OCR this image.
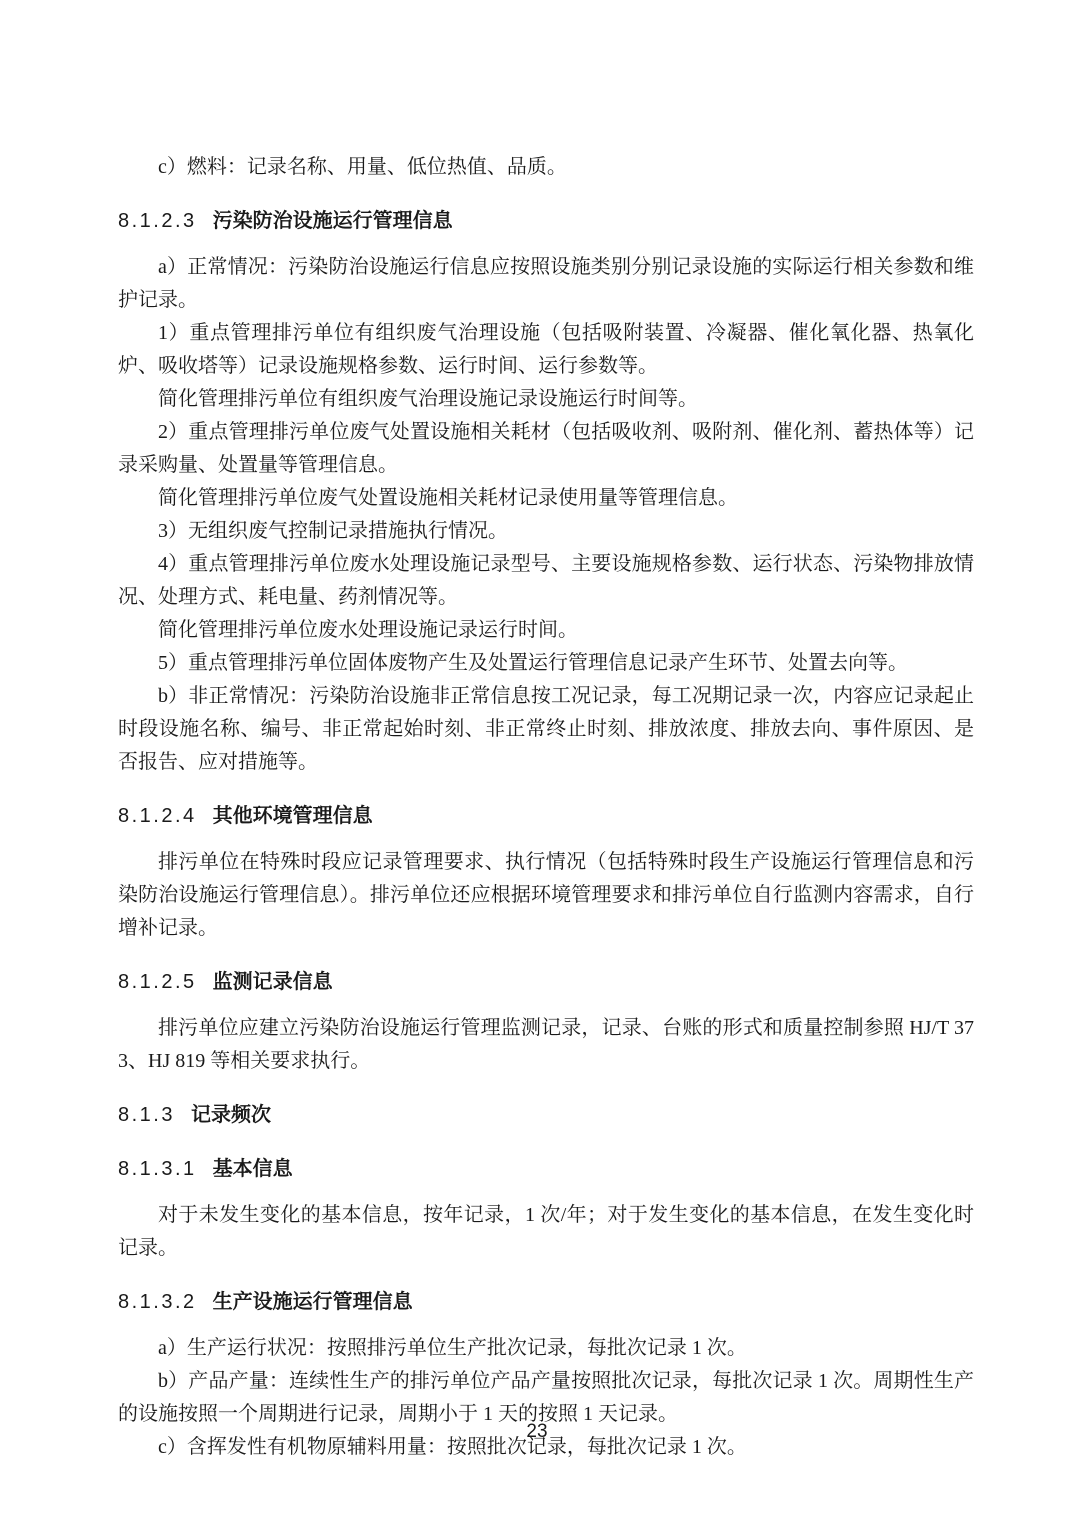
c）燃料：记录名称、用量、低位热值、品质。

8.1.2.3 污染防治设施运行管理信息

a）正常情况：污染防治设施运行信息应按照设施类别分别记录设施的实际运行相关参数和维护记录。

1）重点管理排污单位有组织废气治理设施（包括吸附装置、冷凝器、催化氧化器、热氧化炉、吸收塔等）记录设施规格参数、运行时间、运行参数等。

简化管理排污单位有组织废气治理设施记录设施运行时间等。

2）重点管理排污单位废气处置设施相关耗材（包括吸收剂、吸附剂、催化剂、蓄热体等）记录采购量、处置量等管理信息。

简化管理排污单位废气处置设施相关耗材记录使用量等管理信息。

3）无组织废气控制记录措施执行情况。

4）重点管理排污单位废水处理设施记录型号、主要设施规格参数、运行状态、污染物排放情况、处理方式、耗电量、药剂情况等。

简化管理排污单位废水处理设施记录运行时间。

5）重点管理排污单位固体废物产生及处置运行管理信息记录产生环节、处置去向等。

b）非正常情况：污染防治设施非正常信息按工况记录，每工况期记录一次，内容应记录起止时段设施名称、编号、非正常起始时刻、非正常终止时刻、排放浓度、排放去向、事件原因、是否报告、应对措施等。

8.1.2.4 其他环境管理信息

排污单位在特殊时段应记录管理要求、执行情况（包括特殊时段生产设施运行管理信息和污染防治设施运行管理信息）。排污单位还应根据环境管理要求和排污单位自行监测内容需求，自行增补记录。

8.1.2.5 监测记录信息

排污单位应建立污染防治设施运行管理监测记录，记录、台账的形式和质量控制参照 HJ/T 373、HJ 819 等相关要求执行。

8.1.3 记录频次
8.1.3.1 基本信息

对于未发生变化的基本信息，按年记录，1 次/年；对于发生变化的基本信息，在发生变化时记录。

8.1.3.2 生产设施运行管理信息

a）生产运行状况：按照排污单位生产批次记录，每批次记录 1 次。

b）产品产量：连续性生产的排污单位产品产量按照批次记录，每批次记录 1 次。周期性生产的设施按照一个周期进行记录，周期小于 1 天的按照 1 天记录。

c）含挥发性有机物原辅料用量：按照批次记录，每批次记录 1 次。

23
